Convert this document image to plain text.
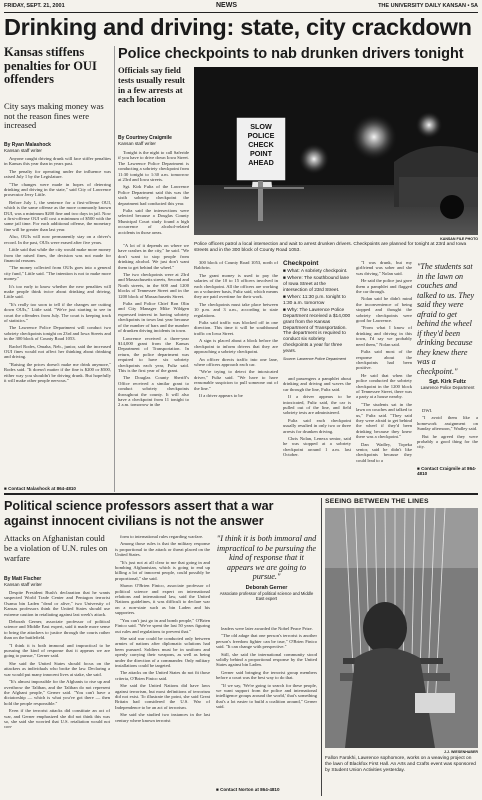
FRIDAY, SEPT. 21, 2001	NEWS	THE UNIVERSITY DAILY KANSAN • 5A
Drinking and driving: state, city crackdown
Kansas stiffens penalties for OUI offenders
City says making money was not the reason fines were increased
By Ryan Malashock
Kansan staff writer

Anyone caught driving drunk will face stiffer penalties in Kansas this year than in years past.

The penalty for operating under the influence was raised July 1 by the Legislature.

"The changes were made in hopes of deterring drinking and driving in the state," said City of Lawrence prosecutor Jerry Little.

Before July 1, the sentence for a first-offense OUI, which is the same offense as the more commonly known DUI, was a minimum $200 fine and two days in jail. Now a first-offense OUI will cost a minimum of $500 with the same jail time. For each additional offense, the monetary fine will be greater than last year.

Also, OUIs will now permanently stay on a driver's record. In the past, OUIs were erased after five years.

Little said that while the city would make more money from the raised fines, the decision was not made for financial reasons.

"The money collected from OUIs goes into a general city fund," Little said. "The intention is not to make more money."

It's too early to know whether the new penalties will make people think twice about drinking and driving, Little said.

"It's really too soon to tell if the changes are cutting down OUIs," Little said. "We're just starting to see in court the offenders from July. The court is keeping track of statistics."

The Lawrence Police Department will conduct two sobriety checkpoints tonight on 23rd and Iowa Streets and in the 300 block of County Road 1053.

Rachel Rodes, Omaha, Neb., junior, said the increased OUI fines would not affect her thinking about drinking and driving.

"Raising the prices doesn't make me drink anymore," Rodes said. "It doesn't matter if the fine is $200 or $500, either way you shouldn't be driving drunk. But hopefully it will make other people nervous."

■ Contact Malashock at 864-4810
Police checkpoints to nab drunken drivers tonight
Officials say field tests usually result in a few arrests at each location
By Courtney Craigmile
Kansan staff writer

Tonight is the night to call Saferide if you have to drive down Iowa Street. The Lawrence Police Department is conducting a sobriety checkpoint from 11:30 tonight to 1:30 a.m. tomorrow at 23rd and Iowa streets.

Sgt. Kirk Fultz of the Lawrence Police Department said this was the sixth sobriety checkpoint the department had conducted this year.

Fultz said the intersections were selected because a Douglas County Municipal Court study found a high occurrence of alcohol-related accidents in those areas.

SLOW
POLICE
CHECK
POINT
AHEAD
KANSAN FILE PHOTO
Police officers patrol a local intersection and wait to arrest drunken drivers. Checkpoints are planned for tonight at 23rd and Iowa streets and in the 300 block of County Road 1053.

"A lot of it depends on where we have crashes in the city," he said. "We don't want to stop people from drinking alcohol. We just don't want them to get behind the wheel."

The two checkpoints were at 23rd and Massachusetts streets, Second and North streets, in the 600 and 1200 blocks of Tennessee Street and in the 1200 block of Massachusetts Street.

Fultz and Police Chief Ron Olin and City Manager Mike Wildgen expressed interest in having sobriety checkpoints in town last year because of the number of bars and the number of drunken driving incidents in town.

Lawrence received a three-year $14,000 grant from the Kansas Department of Transportation. In return, the police department was required to have six sobriety checkpoints each year, Fultz said. This is the first year of the grant.

The Douglas County Sheriff's Office received a similar grant to conduct sobriety checkpoints throughout the county. It will also have a checkpoint from 11 tonight to 2 a.m. tomorrow in the

300 block of County Road 1053, north of Baldwin.

The grant money is used to pay the salaries of the 10 to 15 officers involved in each checkpoint. All the officers are working on a volunteer basis, Fultz said, which means they are paid overtime for their work.

The checkpoints must take place between 10 p.m. and 3 a.m., according to state regulations.

Fultz said traffic was blocked off in one direction. This time it will be southbound traffic on Iowa Street.

A sign is placed about a block before the checkpoint to inform drivers that they are approaching a sobriety checkpoint.

An officer directs traffic into one lane, where officers approach each car.

"We're trying to detect the intoxicated driver," Fultz said. "We have to have reasonable suspicion to pull someone out of the line."

If a driver appears to be

Checkpoint
■ What: A sobriety checkpoint.
■ Where: The southbound lane of Iowa Street at the intersection of 23rd Street.
■ When: 11:30 p.m. tonight to 1:30 a.m. tomorrow
■ Why: The Lawrence Police Department received a $14,000 grant from the Kansas Department of Transportation. The department is required to conduct six sobriety checkpoints a year for three years.
Source: Lawrence Police Department

and passengers a pamphlet about drinking and driving and waves the car through the line, Fultz said.

If a driver appears to be intoxicated, Fultz said, the car is pulled out of the line, and field sobriety tests are administered.

Fultz said each checkpoint usually resulted in only two or three arrests for drunken driving.

Chris Nolan, Lenexa senior, said he was stopped at a sobriety checkpoint around 1 a.m. last October.

"I was drunk, but my girlfriend was sober and she was driving," Nolan said.

He said the police just gave them a pamphlet and flagged the car through.

Nolan said he didn't mind the inconvenience of being stopped and thought the sobriety checkpoints were good for Lawrence.

"From what I know of drinking and driving in this town, I'd say we probably need them," Nolan said.

Fultz said most of the response about the checkpoints had been positive.

He said that when the police conducted the sobriety checkpoint in the 1200 block of Tennessee Street, there was a party at a house nearby.

"The students sat in the lawn on couches and talked to us," Fultz said. "They said they were afraid to get behind the wheel if they'd been drinking because they knew there was a checkpoint."

Dan Wadley, Topeka senior, said he didn't like checkpoints because they could lead to a

"The students sat in the lawn on couches and talked to us. They said they were afraid to get behind the wheel if they'd been drinking because they knew there was a checkpoint."
Sgt. Kirk Fultz
Lawrence Police Department

DWI.

"I avoid them like a homework assignment on Sunday afternoon," Wadley said.

But he agreed they were probably a good thing for the city.

■ Contact Craigmile at 864-4810
Political science professors assert that a war against innocent civilians is not the answer
Attacks on Afghanistan could be a violation of U.N. rules on warfare
By Matt Fischer
Kansan staff writer

Despite President Bush's declaration that he wants suspected World Trade Center and Pentagon terrorist Osama bin Laden "dead or alive," two University of Kansas professors think the United States should use extreme caution in retaliating against last week's attack.

Deborah Gerner, associate professor of political science and Middle East expert, said it made more sense to bring the attackers to justice through the courts rather than on the battlefield.

"I think it is both immoral and impractical to be pursuing the kind of response that it appears we are going to pursue," Gerner said.

She said the United States should focus on the attackers as individuals who broke the law. Declaring a war would put many innocent lives at stake, she said.

"It's almost impossible for the Afghanis to rise up and overthrow the Taliban, and the Taliban do not represent the Afghani people," Gerner said. "You can't have a dictatorship — which is what you've got there — then hold the people responsible."

Even if the terrorist attacks did constitute an act of war, and Gerner emphasized she did not think this was so, she said she worried that U.S. retaliation would not con-

form to international rules regarding warfare.

Among those rules is that the military response is proportional to the attack or threat placed on the United States.

"It's just not at all clear to me that going in and bombing Afghanistan, which is going to end up killing a lot of innocent people, could possibly be proportional," she said.

Shawn O'Brien Finico, associate professor of political science and expert on international relations and international law, said the United Nations guidelines, it was difficult to declare war on a non-state such as bin Laden and his supporters.

"You can't just go in and bomb people," O'Brien Finico said. "We've spent the last 50 years figuring out rules and regulations to prevent that."

She said war could be conducted only between armies of nations after diplomatic solutions had been pursued. Soldiers must be in uniform and openly carrying their weapons, as well as being under the direction of a commander. Only military installations could be targeted.

The attacks on the United States do not fit those criteria, O'Brien Finico said.

She said the United Nations did have laws against terrorism, but most definitions of terrorism did not exist. To illustrate the point, she said Great Britain had considered the U.S. War of Independence to be an act of terrorism.

She said she studied two instances in the last century where known terrorist

"I think it is both immoral and impractical to be pursuing the kind of response that it appears we are going to pursue."
Deborah Gerner
Associate professor of political science and Middle East expert

leaders were later awarded the Nobel Peace Prize.

"The old adage that one person's terrorist is another person's freedom fighter can be true," O'Brien Finico said. "It can change with perspective."

Still, she said the international community stood solidly behind a proportional response by the United States against bin Laden.

Gerner said bringing the terrorist group members before a court was the best way to do that.

"If we say, 'We're going to search for these people, we want support from the police and international intelligence groups around the world,' that's something that's a lot easier to build a coalition around," Gerner said.

■ Contact Norton at 864-4810
SEEING BETWEEN THE LINES
J.J. WIESENHABER
Fallon Farokhi, Lawrence sophomore, works on a weaving project on the lawn of Blackfox First Hall. An Arts and Crafts event was sponsored by Student Union Activities yesterday.
